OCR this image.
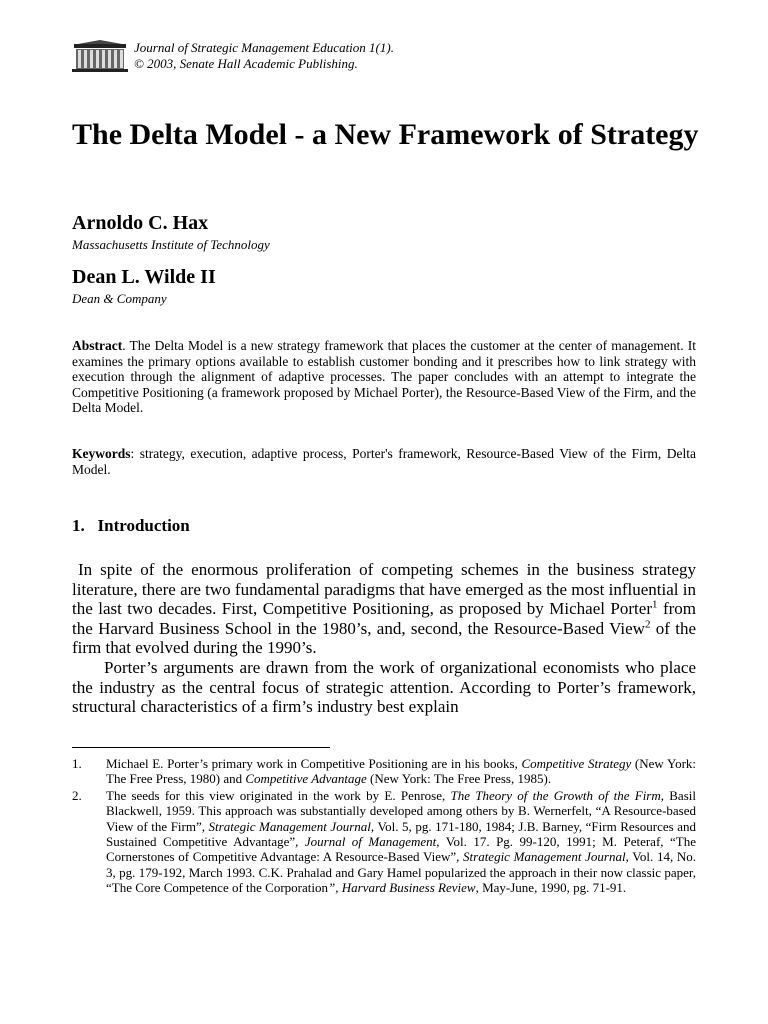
Journal of Strategic Management Education 1(1).
© 2003, Senate Hall Academic Publishing.
The Delta Model - a New Framework of Strategy
Arnoldo C. Hax
Massachusetts Institute of Technology
Dean L. Wilde II
Dean & Company

Abstract. The Delta Model is a new strategy framework that places the customer at the center of management. It examines the primary options available to establish customer bonding and it prescribes how to link strategy with execution through the alignment of adaptive processes. The paper concludes with an attempt to integrate the Competitive Positioning (a framework proposed by Michael Porter), the Resource-Based View of the Firm, and the Delta Model.

Keywords: strategy, execution, adaptive process, Porter's framework, Resource-Based View of the Firm, Delta Model.

1. Introduction

In spite of the enormous proliferation of competing schemes in the business strategy literature, there are two fundamental paradigms that have emerged as the most influential in the last two decades. First, Competitive Positioning, as proposed by Michael Porter$^1$ from the Harvard Business School in the 1980’s, and, second, the Resource-Based View$^2$ of the firm that evolved during the 1990’s.

Porter’s arguments are drawn from the work of organizational economists who place the industry as the central focus of strategic attention. According to Porter’s framework, structural characteristics of a firm’s industry best explain

1. Michael E. Porter’s primary work in Competitive Positioning are in his books, Competitive Strategy (New York: The Free Press, 1980) and Competitive Advantage (New York: The Free Press, 1985).

2. The seeds for this view originated in the work by E. Penrose, The Theory of the Growth of the Firm, Basil Blackwell, 1959. This approach was substantially developed among others by B. Wernerfelt, “A Resource-based View of the Firm”, Strategic Management Journal, Vol. 5, pg. 171-180, 1984; J.B. Barney, “Firm Resources and Sustained Competitive Advantage”, Journal of Management, Vol. 17. Pg. 99-120, 1991; M. Peteraf, “The Cornerstones of Competitive Advantage: A Resource-Based View”, Strategic Management Journal, Vol. 14, No. 3, pg. 179-192, March 1993. C.K. Prahalad and Gary Hamel popularized the approach in their now classic paper, “The Core Competence of the Corporation”, Harvard Business Review, May-June, 1990, pg. 71-91.
